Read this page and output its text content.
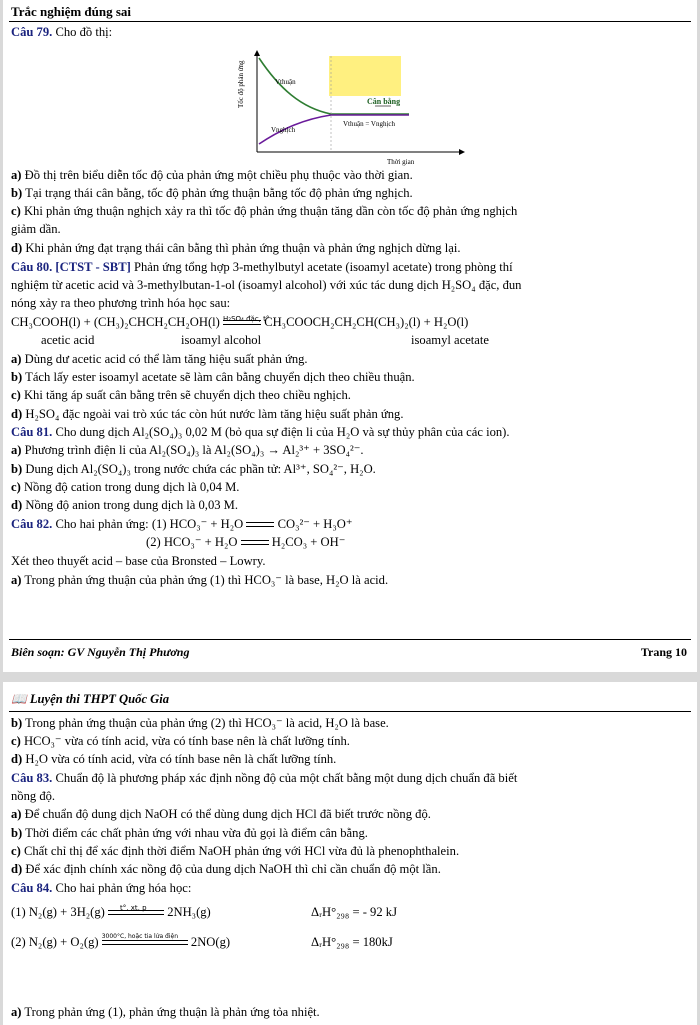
Trắc nghiệm đúng sai
Câu 79. Cho đồ thị:
Tốc độ phản ứng	Vthuận
Vnghịch
Cân bằng
Vthuận = Vnghịch
Thời gian
a) Đồ thị trên biểu diễn tốc độ của phản ứng một chiều phụ thuộc vào thời gian.
b) Tại trạng thái cân bằng, tốc độ phản ứng thuận bằng tốc độ phản ứng nghịch.
c) Khi phản ứng thuận nghịch xảy ra thì tốc độ phản ứng thuận tăng dần còn tốc độ phản ứng nghịch
giảm dần.
d) Khi phản ứng đạt trạng thái cân bằng thì phản ứng thuận và phản ứng nghịch dừng lại.
Câu 80. [CTST - SBT] Phản ứng tổng hợp 3-methylbutyl acetate (isoamyl acetate) trong phòng thí
nghiệm từ acetic acid và 3-methylbutan-1-ol (isoamyl alcohol) với xúc tác dung dịch H₂SO₄ đặc, đun
nóng xảy ra theo phương trình hóa học sau:
CH₃COOH(l) + (CH₃)₂CHCH₂CH₂OH(l) H₂SO₄ đặc, t°
CH₃COOCH₂CH₂CH(CH₃)₂(l) + H₂O(l)
acetic acid	isoamyl alcohol	isoamyl acetate
a) Dùng dư acetic acid có thể làm tăng hiệu suất phản ứng.
b) Tách lấy ester isoamyl acetate sẽ làm cân bằng chuyển dịch theo chiều thuận.
c) Khi tăng áp suất cân bằng trên sẽ chuyển dịch theo chiều nghịch.
d) H₂SO₄ đặc ngoài vai trò xúc tác còn hút nước làm tăng hiệu suất phản ứng.
Câu 81. Cho dung dịch Al₂(SO₄)₃ 0,02 M (bỏ qua sự điện li của H₂O và sự thủy phân của các ion).
a) Phương trình điện li của Al₂(SO₄)₃ là Al₂(SO₄)₃ → Al₂³⁺ + 3SO₄²⁻.
b) Dung dịch Al₂(SO₄)₃ trong nước chứa các phần tử: Al³⁺, SO₄²⁻, H₂O.
c) Nồng độ cation trong dung dịch là 0,04 M.
d) Nồng độ anion trong dung dịch là 0,03 M.
Câu 82. Cho hai phản ứng: (1) HCO₃⁻ + H₂O	CO₃²⁻ + H₃O⁺
(2) HCO₃⁻ + H₂O	H₂CO₃ + OH⁻
Xét theo thuyết acid – base của Bronsted – Lowry.
a) Trong phản ứng thuận của phản ứng (1) thì HCO₃⁻ là base, H₂O là acid.
Biên soạn: GV Nguyễn Thị Phương	Trang 10
📖 Luyện thi THPT Quốc Gia
b) Trong phản ứng thuận của phản ứng (2) thì HCO₃⁻ là acid, H₂O là base.
c) HCO₃⁻ vừa có tính acid, vừa có tính base nên là chất lưỡng tính.
d) H₂O vừa có tính acid, vừa có tính base nên là chất lưỡng tính.
Câu 83. Chuẩn độ là phương pháp xác định nồng độ của một chất bằng một dung dịch chuẩn đã biết
nồng độ.
a) Để chuẩn độ dung dịch NaOH có thể dùng dung dịch HCl đã biết trước nồng độ.
b) Thời điểm các chất phản ứng với nhau vừa đủ gọi là điểm cân bằng.
c) Chất chỉ thị để xác định thời điểm NaOH phản ứng với HCl vừa đủ là phenophthalein.
d) Để xác định chính xác nồng độ của dung dịch NaOH thì chỉ cần chuẩn độ một lần.
Câu 84. Cho hai phản ứng hóa học:
(1) N₂(g) + 3H₂(g) t°, xt, p 2NH₃(g)	ΔᵣH°₂₉₈ = - 92 kJ
(2) N₂(g) + O₂(g) 3000°C, hoặc tia lửa điện 2NO(g)	ΔᵣH°₂₉₈ = 180kJ
a) Trong phản ứng (1), phản ứng thuận là phản ứng tỏa nhiệt.
